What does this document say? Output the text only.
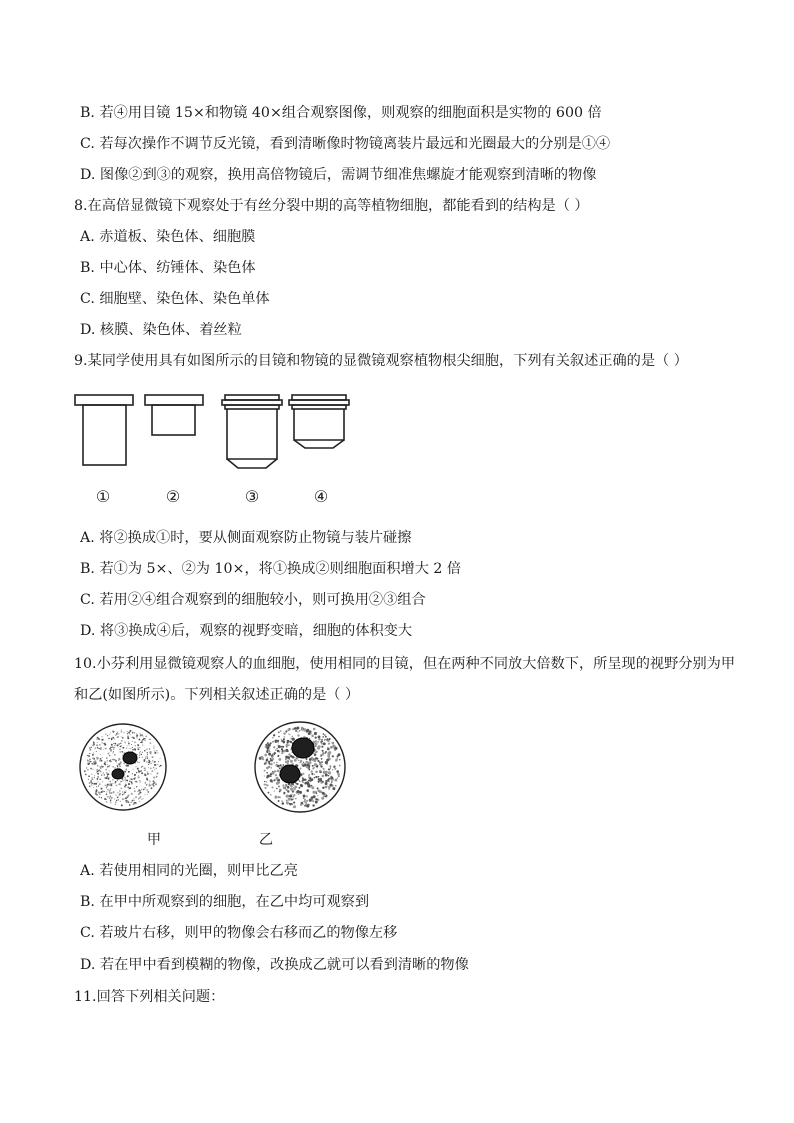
B. 若④用目镜 15×和物镜 40×组合观察图像，则观察的细胞面积是实物的 600 倍
C. 若每次操作不调节反光镜，看到清晰像时物镜离装片最远和光圈最大的分别是①④
D. 图像②到③的观察，换用高倍物镜后，需调节细准焦螺旋才能观察到清晰的物像
8.在高倍显微镜下观察处于有丝分裂中期的高等植物细胞，都能看到的结构是（ ）
A. 赤道板、染色体、细胞膜
B. 中心体、纺锤体、染色体
C. 细胞壁、染色体、染色单体
D. 核膜、染色体、着丝粒
9.某同学使用具有如图所示的目镜和物镜的显微镜观察植物根尖细胞，下列有关叙述正确的是（ ）
①	②	③	④
A. 将②换成①时，要从侧面观察防止物镜与装片碰擦
B. 若①为 5×、②为 10×，将①换成②则细胞面积增大 2 倍
C. 若用②④组合观察到的细胞较小，则可换用②③组合
D. 将③换成④后，观察的视野变暗，细胞的体积变大
10.小芬利用显微镜观察人的血细胞，使用相同的目镜，但在两种不同放大倍数下，所呈现的视野分别为甲
和乙(如图所示)。下列相关叙述正确的是（ ）
甲	乙
A. 若使用相同的光圈，则甲比乙亮
B. 在甲中所观察到的细胞，在乙中均可观察到
C. 若玻片右移，则甲的物像会右移而乙的物像左移
D. 若在甲中看到模糊的物像，改换成乙就可以看到清晰的物像
11.回答下列相关问题：
